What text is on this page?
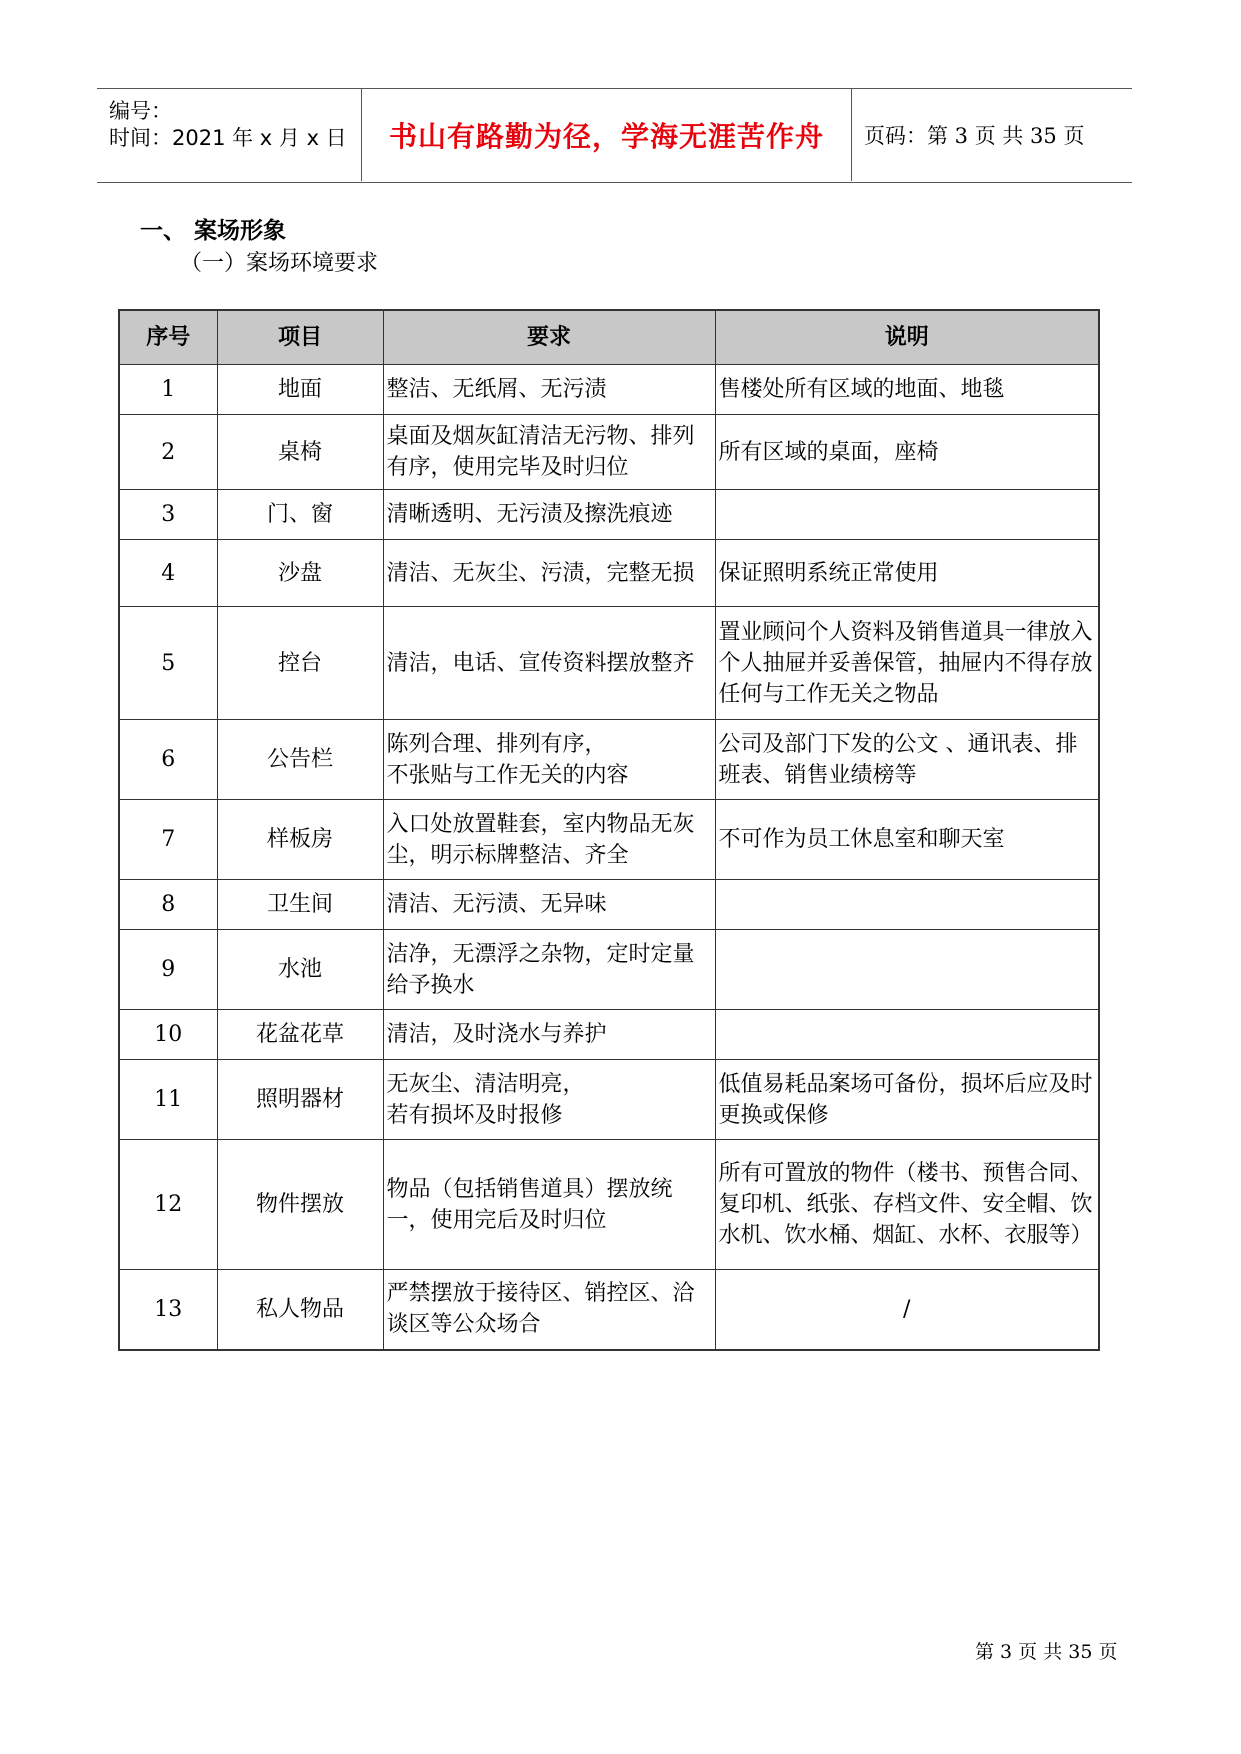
编号：
时间：2021 年 x 月 x 日	书山有路勤为径，学海无涯苦作舟	页码：第 3 页 共 35 页
一、 案场形象
（一）案场环境要求
序号	项目	要求	说明
1	地面	整洁、无纸屑、无污渍	售楼处所有区域的地面、地毯
2	桌椅	桌面及烟灰缸清洁无污物、排列有序，使用完毕及时归位	所有区域的桌面，座椅
3	门、窗	清晰透明、无污渍及擦洗痕迹	
4	沙盘	清洁、无灰尘、污渍，完整无损	保证照明系统正常使用
5	控台	清洁，电话、宣传资料摆放整齐	置业顾问个人资料及销售道具一律放入个人抽屉并妥善保管，抽屉内不得存放任何与工作无关之物品
6	公告栏	陈列合理、排列有序，
不张贴与工作无关的内容	公司及部门下发的公文 、通讯表、排班表、销售业绩榜等
7	样板房	入口处放置鞋套，室内物品无灰尘，明示标牌整洁、齐全	不可作为员工休息室和聊天室
8	卫生间	清洁、无污渍、无异味	
9	水池	洁净，无漂浮之杂物，定时定量给予换水	
10	花盆花草	清洁，及时浇水与养护	
11	照明器材	无灰尘、清洁明亮，
若有损坏及时报修	低值易耗品案场可备份，损坏后应及时更换或保修
12	物件摆放	物品（包括销售道具）摆放统一，使用完后及时归位	所有可置放的物件（楼书、预售合同、复印机、纸张、存档文件、安全帽、饮水机、饮水桶、烟缸、水杯、衣服等）
13	私人物品	严禁摆放于接待区、销控区、洽谈区等公众场合	/
第 3 页 共 35 页
